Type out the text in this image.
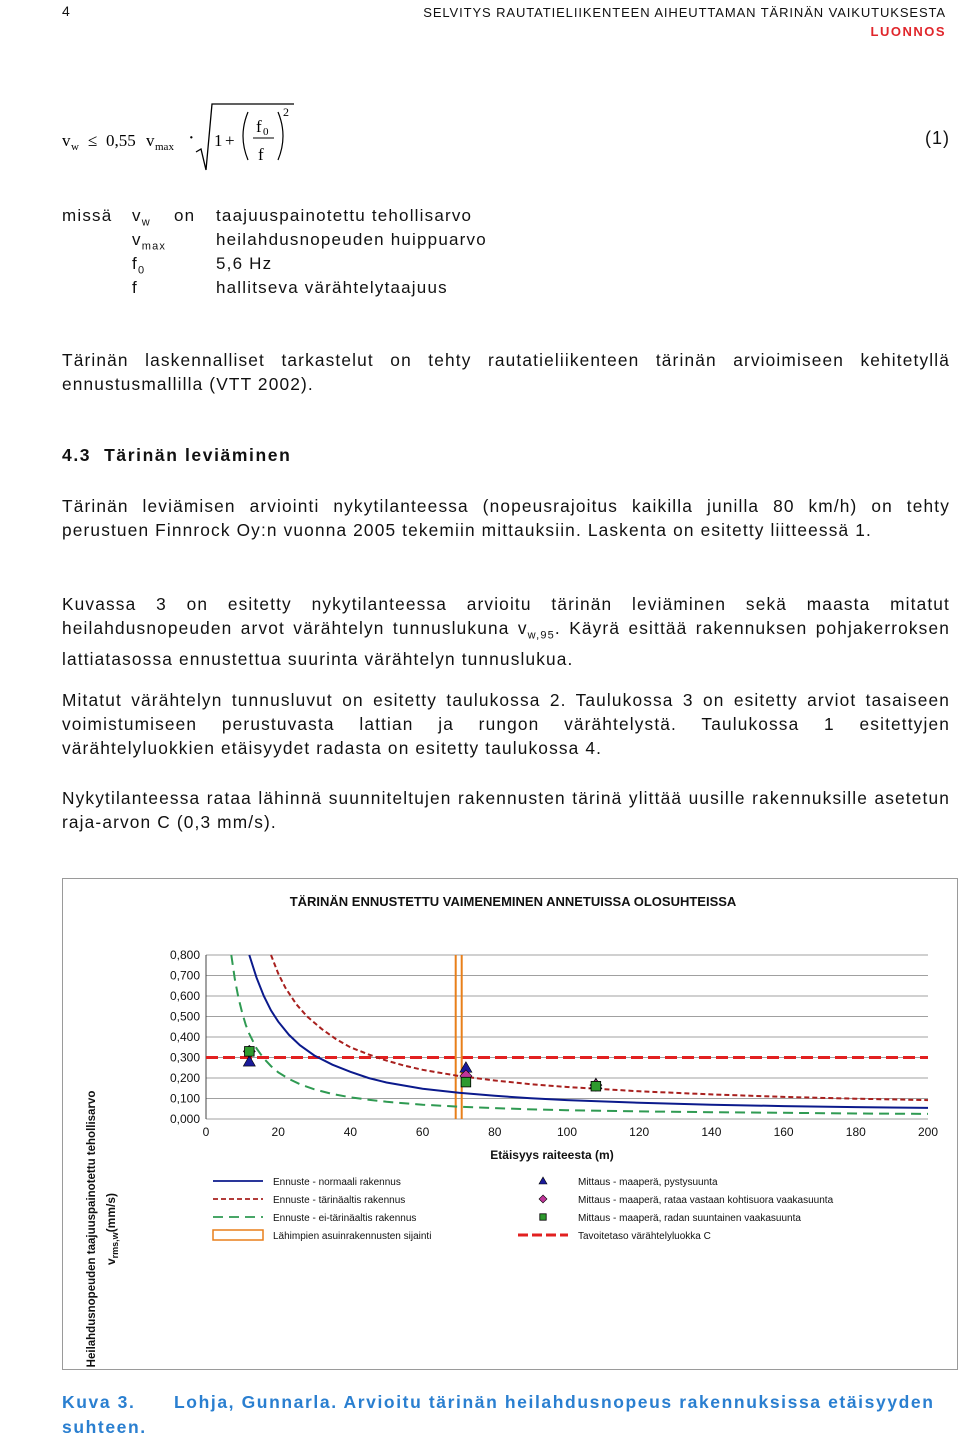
4	SELVITYS RAUTATIELIIKENTEEN AIHEUTTAMAN TÄRINÄN VAIKUTUKSESTA
LUONNOS
v w ≤ 0,55 v max · 1 +
f 0
f
2
(1)
missä $v_w$ on taajuuspainotettu tehollisarvo
$v_{max}$	heilahdusnopeuden huippuarvo
$f_0$	5,6 Hz
f	hallitseva värähtelytaajuus
Tärinän laskennalliset tarkastelut on tehty rautatieliikenteen tärinän arvioimiseen kehitetyllä ennustusmallilla (VTT 2002).
4.3 Tärinän leviäminen
Tärinän leviämisen arviointi nykytilanteessa (nopeusrajoitus kaikilla junilla 80 km/h) on tehty perustuen Finnrock Oy:n vuonna 2005 tekemiin mittauksiin. Laskenta on esitetty liitteessä 1.
Kuvassa 3 on esitetty nykytilanteessa arvioitu tärinän leviäminen sekä maasta mitatut heilahdusnopeuden arvot värähtelyn tunnuslukuna $v_{w,95}$. Käyrä esittää rakennuksen pohjakerroksen lattiatasossa ennustettua suurinta värähtelyn tunnuslukua.
Mitatut värähtelyn tunnusluvut on esitetty taulukossa 2. Taulukossa 3 on esitetty arviot tasaiseen voimistumiseen perustuvasta lattian ja rungon värähtelystä. Taulukossa 1 esitettyjen värähtelyluokkien etäisyydet radasta on esitetty taulukossa 4.
Nykytilanteessa rataa lähinnä suunniteltujen rakennusten tärinä ylittää uusille rakennuksille asetetun raja-arvon C (0,3 mm/s).
TÄRINÄN ENNUSTETTU VAIMENEMINEN ANNETUISSA OLOSUHTEISSA
Heilahdusnopeuden taajuuspainotettu tehollisarvo $v_{rms,w}(mm/s)$
Etäisyys raiteesta (m)
0,000
0,100
0,200
0,300
0,400
0,500
0,600
0,700
0,800
0	20	40	60	80	100	120	140	160	180	200
Ennuste - normaali rakennus
Ennuste - tärinäaltis rakennus
Ennuste - ei-tärinäaltis rakennus
Lähimpien asuinrakennusten sijainti
Mittaus - maaperä, pystysuunta
Mittaus - maaperä, rataa vastaan kohtisuora vaakasuunta
Mittaus - maaperä, radan suuntainen vaakasuunta
Tavoitetaso värähtelyluokka C
Kuva 3. Lohja, Gunnarla. Arvioitu tärinän heilahdusnopeus rakennuksissa etäisyyden suhteen.
